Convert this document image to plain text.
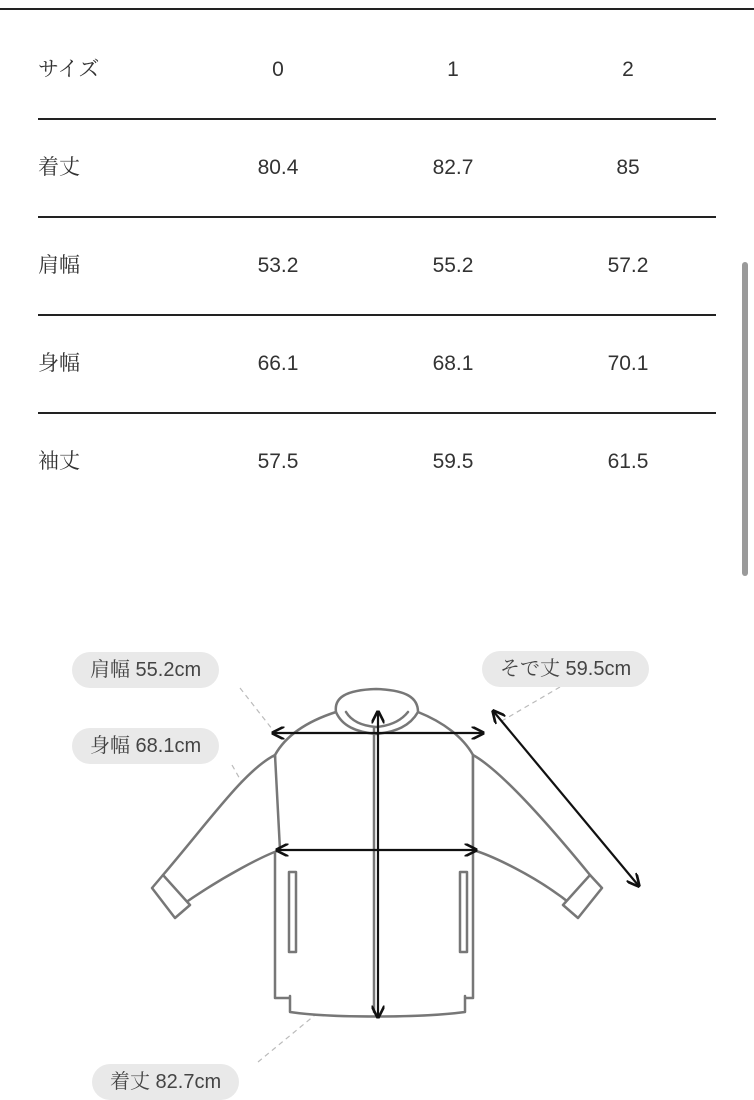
サイズ	0	1	2
着丈	80.4	82.7	85
肩幅	53.2	55.2	57.2
身幅	66.1	68.1	70.1
袖丈	57.5	59.5	61.5
肩幅 55.2cm
身幅 68.1cm
そで丈 59.5cm
着丈 82.7cm
